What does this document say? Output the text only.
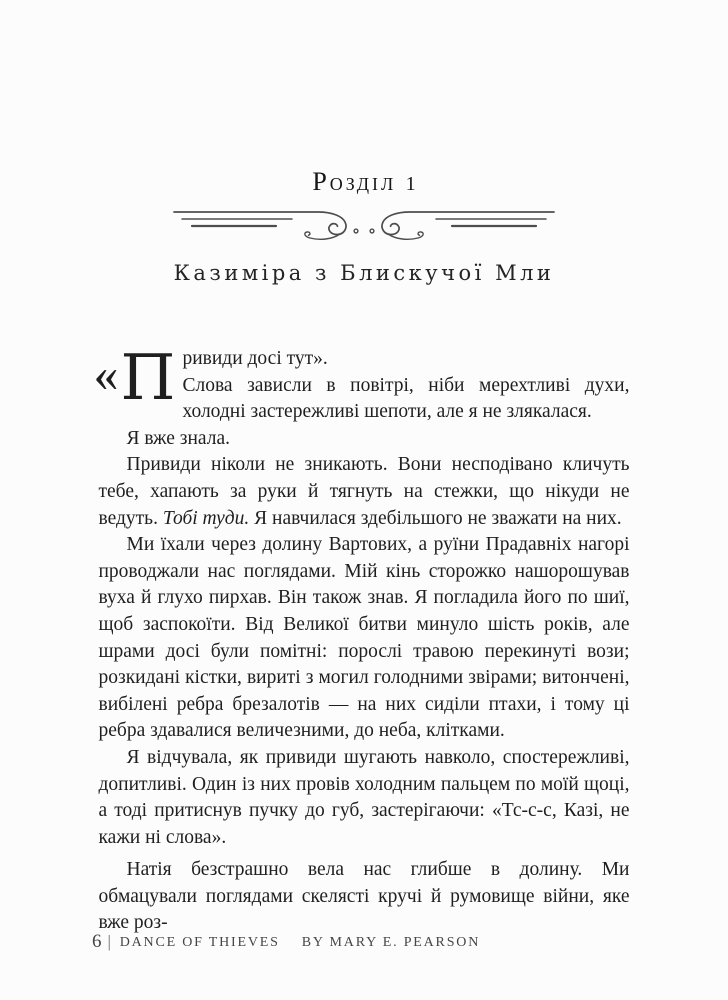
Розділ 1
Казиміра з Блискучої Мли
«П ривиди досі тут».

Слова зависли в повітрі, ніби мерехтливі духи, холодні застережливі шепоти, але я не злякалася.

Я вже знала.

Привиди ніколи не зникають. Вони несподівано кличуть тебе, хапають за руки й тягнуть на стежки, що нікуди не ведуть. Тобі туди. Я навчилася здебільшого не зважати на них.

Ми їхали через долину Вартових, а руїни Прадавніх нагорі проводжали нас поглядами. Мій кінь сторожко нашорошував вуха й глухо пирхав. Він також знав. Я погладила його по шиї, щоб заспокоїти. Від Великої битви минуло шість років, але шрами досі були помітні: порослі травою перекинуті вози; розкидані кістки, вириті з могил голодними звірами; витончені, вибілені ребра брезалотів — на них сиділи птахи, і тому ці ребра здавалися величезними, до неба, клітками.

Я відчувала, як привиди шугають навколо, спостережливі, допитливі. Один із них провів холодним пальцем по моїй щоці, а тоді притиснув пучку до губ, застерігаючи: «Тс-с-с, Казі, не кажи ні слова».

Натія безстрашно вела нас глибше в долину. Ми обмацували поглядами скелясті кручі й румовище війни, яке вже роз-

6 | DANCE OF THIEVES BY MARY E. PEARSON
